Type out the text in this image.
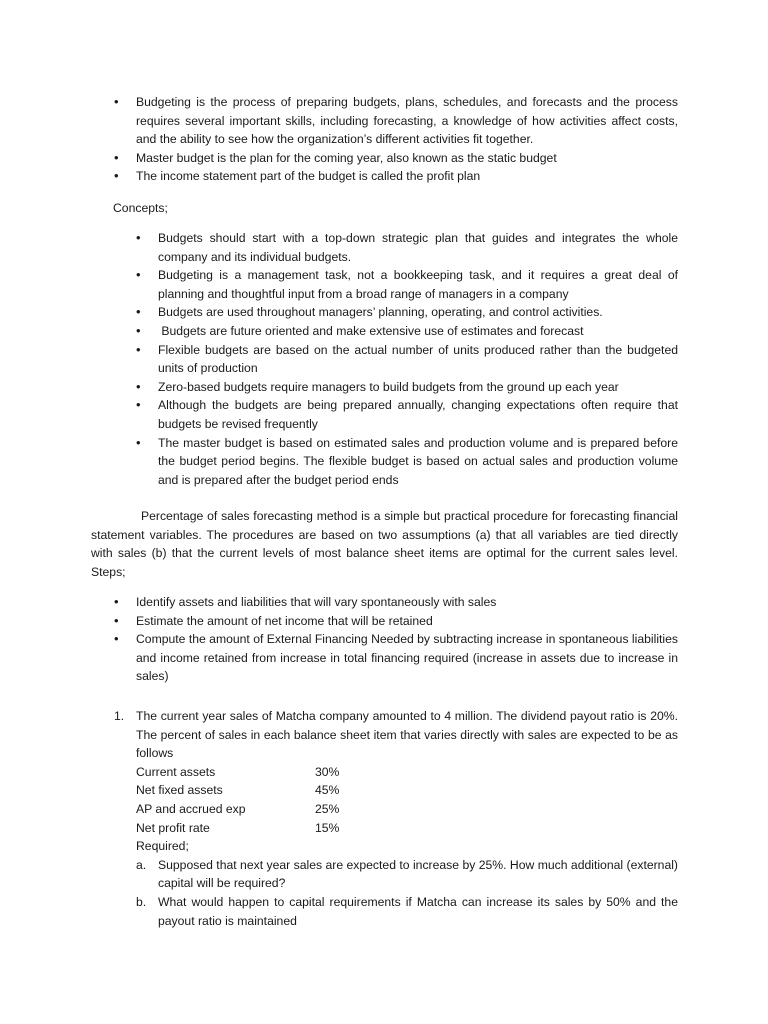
• Budgeting is the process of preparing budgets, plans, schedules, and forecasts and the process requires several important skills, including forecasting, a knowledge of how activities affect costs, and the ability to see how the organization’s different activities fit together.
• Master budget is the plan for the coming year, also known as the static budget
• The income statement part of the budget is called the profit plan
Concepts;
• Budgets should start with a top-down strategic plan that guides and integrates the whole company and its individual budgets.
• Budgeting is a management task, not a bookkeeping task, and it requires a great deal of planning and thoughtful input from a broad range of managers in a company
• Budgets are used throughout managers’ planning, operating, and control activities.
• Budgets are future oriented and make extensive use of estimates and forecast
• Flexible budgets are based on the actual number of units produced rather than the budgeted units of production
• Zero-based budgets require managers to build budgets from the ground up each year
• Although the budgets are being prepared annually, changing expectations often require that budgets be revised frequently
• The master budget is based on estimated sales and production volume and is prepared before the budget period begins. The flexible budget is based on actual sales and production volume and is prepared after the budget period ends

Percentage of sales forecasting method is a simple but practical procedure for forecasting financial statement variables. The procedures are based on two assumptions (a) that all variables are tied directly with sales (b) that the current levels of most balance sheet items are optimal for the current sales level. Steps;

• Identify assets and liabilities that will vary spontaneously with sales
• Estimate the amount of net income that will be retained
• Compute the amount of External Financing Needed by subtracting increase in spontaneous liabilities and income retained from increase in total financing required (increase in assets due to increase in sales)
1. The current year sales of Matcha company amounted to 4 million. The dividend payout ratio is 20%. The percent of sales in each balance sheet item that varies directly with sales are expected to be as follows
Current assets	30%
Net fixed assets	45%
AP and accrued exp	25%
Net profit rate	15%
Required;
a. Supposed that next year sales are expected to increase by 25%. How much additional (external) capital will be required?
b. What would happen to capital requirements if Matcha can increase its sales by 50% and the payout ratio is maintained
